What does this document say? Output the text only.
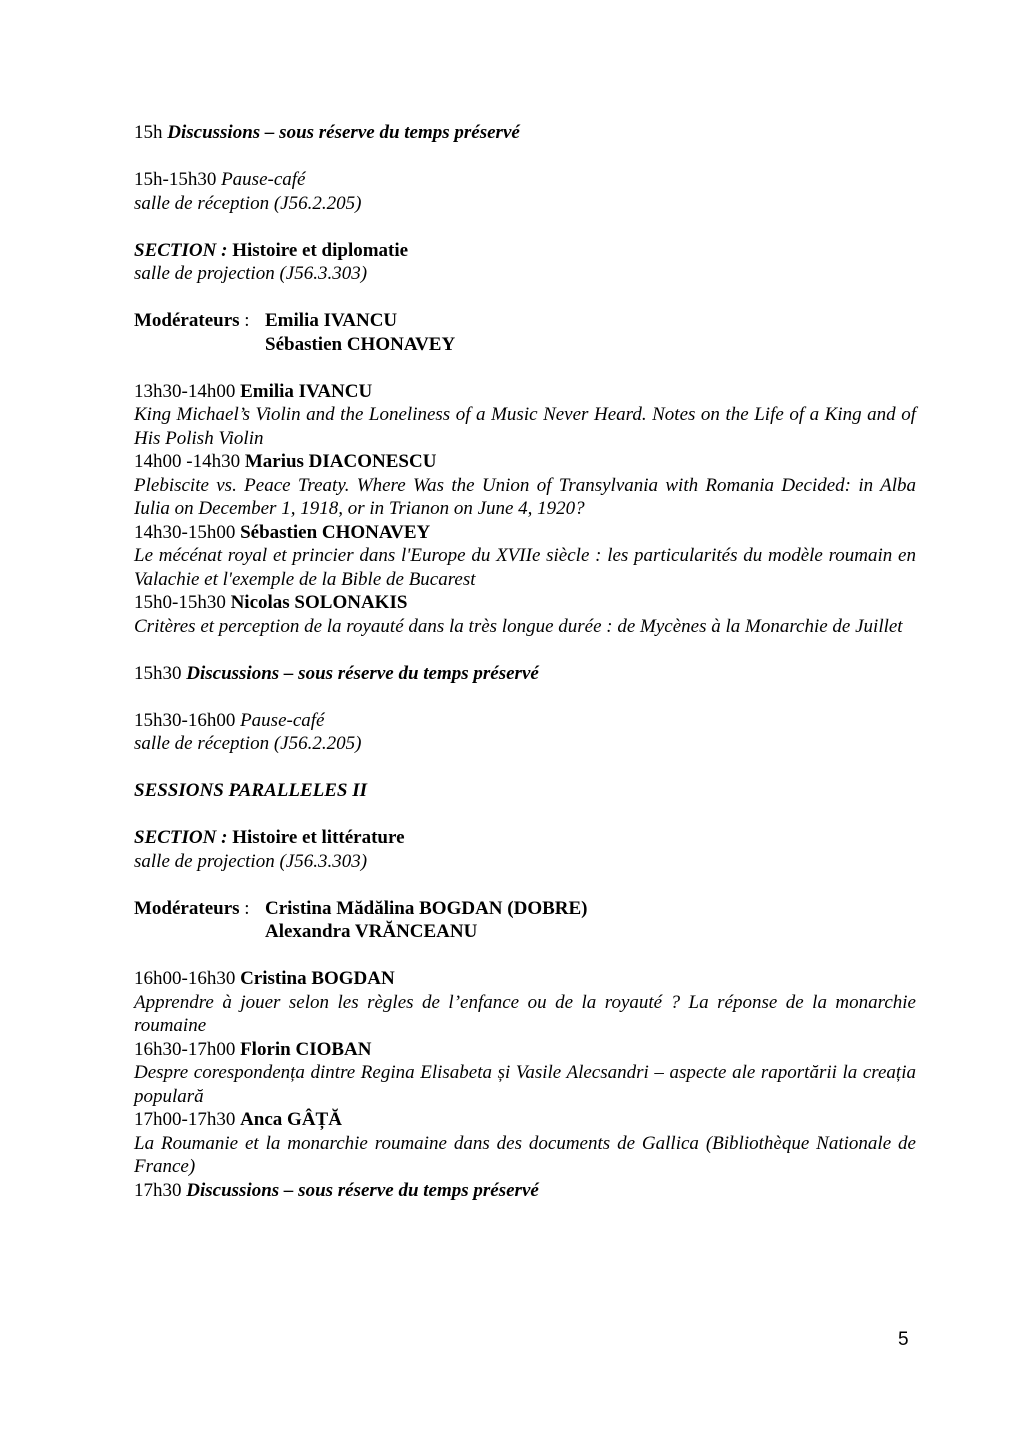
15h Discussions – sous réserve du temps préservé
15h-15h30 Pause-café
salle de réception (J56.2.205)
SECTION : Histoire et diplomatie
salle de projection (J56.3.303)
Modérateurs : Emilia IVANCU
Sébastien CHONAVEY
13h30-14h00 Emilia IVANCU
King Michael’s Violin and the Loneliness of a Music Never Heard. Notes on the Life of a King and of His Polish Violin
14h00 -14h30 Marius DIACONESCU
Plebiscite vs. Peace Treaty. Where Was the Union of Transylvania with Romania Decided: in Alba Iulia on December 1, 1918, or in Trianon on June 4, 1920?
14h30-15h00 Sébastien CHONAVEY
Le mécénat royal et princier dans l'Europe du XVIIe siècle : les particularités du modèle roumain en Valachie et l'exemple de la Bible de Bucarest
15h0-15h30 Nicolas SOLONAKIS
Critères et perception de la royauté dans la très longue durée : de Mycènes à la Monarchie de Juillet
15h30 Discussions – sous réserve du temps préservé
15h30-16h00 Pause-café
salle de réception (J56.2.205)
SESSIONS PARALLELES II
SECTION : Histoire et littérature
salle de projection (J56.3.303)
Modérateurs : Cristina Mădălina BOGDAN (DOBRE)
Alexandra VRĂNCEANU
16h00-16h30 Cristina BOGDAN
Apprendre à jouer selon les règles de l’enfance ou de la royauté ? La réponse de la monarchie roumaine
16h30-17h00 Florin CIOBAN
Despre corespondența dintre Regina Elisabeta și Vasile Alecsandri – aspecte ale raportării la creația populară
17h00-17h30 Anca GÂȚĂ
La Roumanie et la monarchie roumaine dans des documents de Gallica (Bibliothèque Nationale de France)
17h30 Discussions – sous réserve du temps préservé
5
